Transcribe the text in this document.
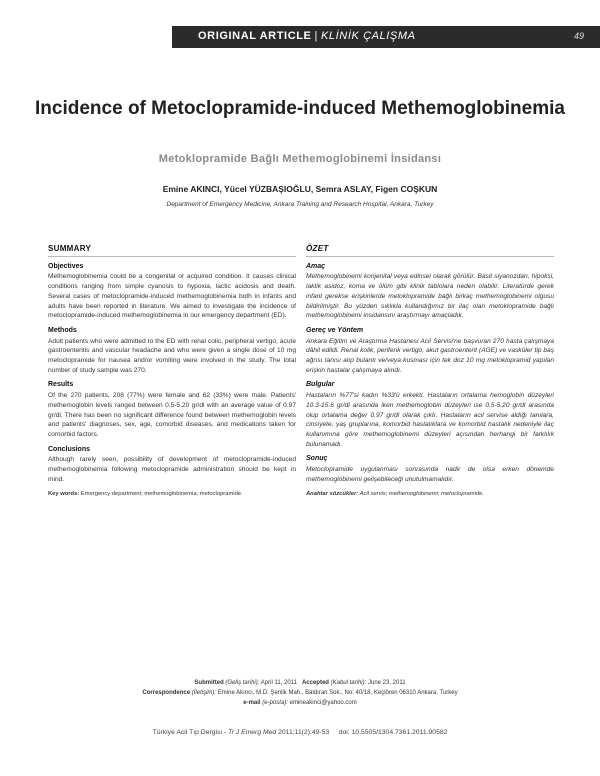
ORIGINAL ARTICLE | KLİNİK ÇALIŞMA	49
Incidence of Metoclopramide-induced Methemoglobinemia
Metoklopramide Bağlı Methemoglobinemi İnsidansı
Emine AKINCI, Yücel YÜZBAŞIOĞLU, Semra ASLAY, Figen COŞKUN
Department of Emergency Medicine, Ankara Training and Research Hospital, Ankara, Turkey
SUMMARY
Objectives

Methemoglobinemia could be a congenital or acquired condition. It causes clinical conditions ranging from simple cyanosis to hypoxia, lactic acidosis and death. Several cases of metoclopramide-induced methemoglobinemia both in infants and adults have been reported in literature. We aimed to investigate the incidence of metoclopramide-induced methemoglobinemia in our emergency department (ED).

Methods

Adult patients who were admitted to the ED with renal colic, peripheral vertigo, acute gastroenteritis and vascular headache and who were given a single dose of 10 mg metoclopramide for nausea and/or vomiting were involved in the study. The total number of study sample was 270.

Results

Of the 270 patients, 208 (77%) were female and 62 (33%) were male. Patients' methemoglobin levels ranged between 0.5-5.20 gr/dl with an average value of 0.97 gr/dl. There has been no significant difference found between methemoglobin levels and patients' diagnoses, sex, age, comorbid diseases, and medications taken for comorbid factors.

Conclusions

Although rarely seen, possibility of development of metoclopramide-induced methemoglobinemia following metoclopramide administration should be kept in mind.

Key words: Emergency department; methemoglobinemia; metoclopramide.
ÖZET
Amaç

Methemoglobinemi konjenital veya edinsel olarak görülür. Basit siyanozdan, hipoksi, laktik asidoz, koma ve ölüm gibi klinik tablolara neden olabilir. Literatürde gerek infant gerekse erişkinlerde metoklopramide bağlı birkaç methemoglobinemi olgusu bildirilmiştir. Bu yüzden sıklıkla kullandığımız bir ilaç olan metoklopramide bağlı methemoglobinemi insidansını araştırmayı amaçladık.

Gereç ve Yöntem

Ankara Eğitim ve Araştırma Hastanesi Acil Servisi'ne başvuran 270 hasta çalışmaya dâhil edildi. Renal kolik, periferik vertigo, akut gastroenterit (AGE) ve vasküler tip baş ağrısı tanısı alıp bulantı ve/veya kusması için tek doz 10 mg metoklopramid yapılan erişkin hastalar çalışmaya alındı.

Bulgular

Hastaların %77'si kadın %33'ü erkekti. Hastaların ortalama hemoglobin düzeyleri 10.3-15.6 gr/dl arasında iken methemoglobin düzeyleri ise 0.5-5.20 gr/dl arasında olup ortalama değer 0.97 gr/dl olarak çıktı. Hastaların acil servise aldığı tanılara, cinsiyete, yaş gruplarına, komorbid hastalıklara ve komorbid hastalık nedeniyle ilaç kullanımına göre methemoglobinemi düzeyleri açısından herhangi bir farklılık bulunamadı.

Sonuç

Metoclopramide uygulanması sonrasında nadir de olsa erken dönemde methemoglobinemi gelişebileceği unutulmamalıdır.

Anahtar sözcükler: Acil servis; methemoglobinemi; metoclopramide.
Submitted (Geliş tarihi): April 11, 2011 Accepted (Kabul tarihi): June 23, 2011
Correspondence (İletişim): Emine Akıncı, M.D. Şenlik Mah., Baldıran Sok., No: 40/18, Keçiören 06310 Ankara, Turkey
e-mail (e-posta): emineakinci@yahoo.com
Türkiye Acil Tıp Dergisi - Tr J Emerg Med 2011;11(2):49-53     doi: 10.5505/1304.7361.2011.90582
